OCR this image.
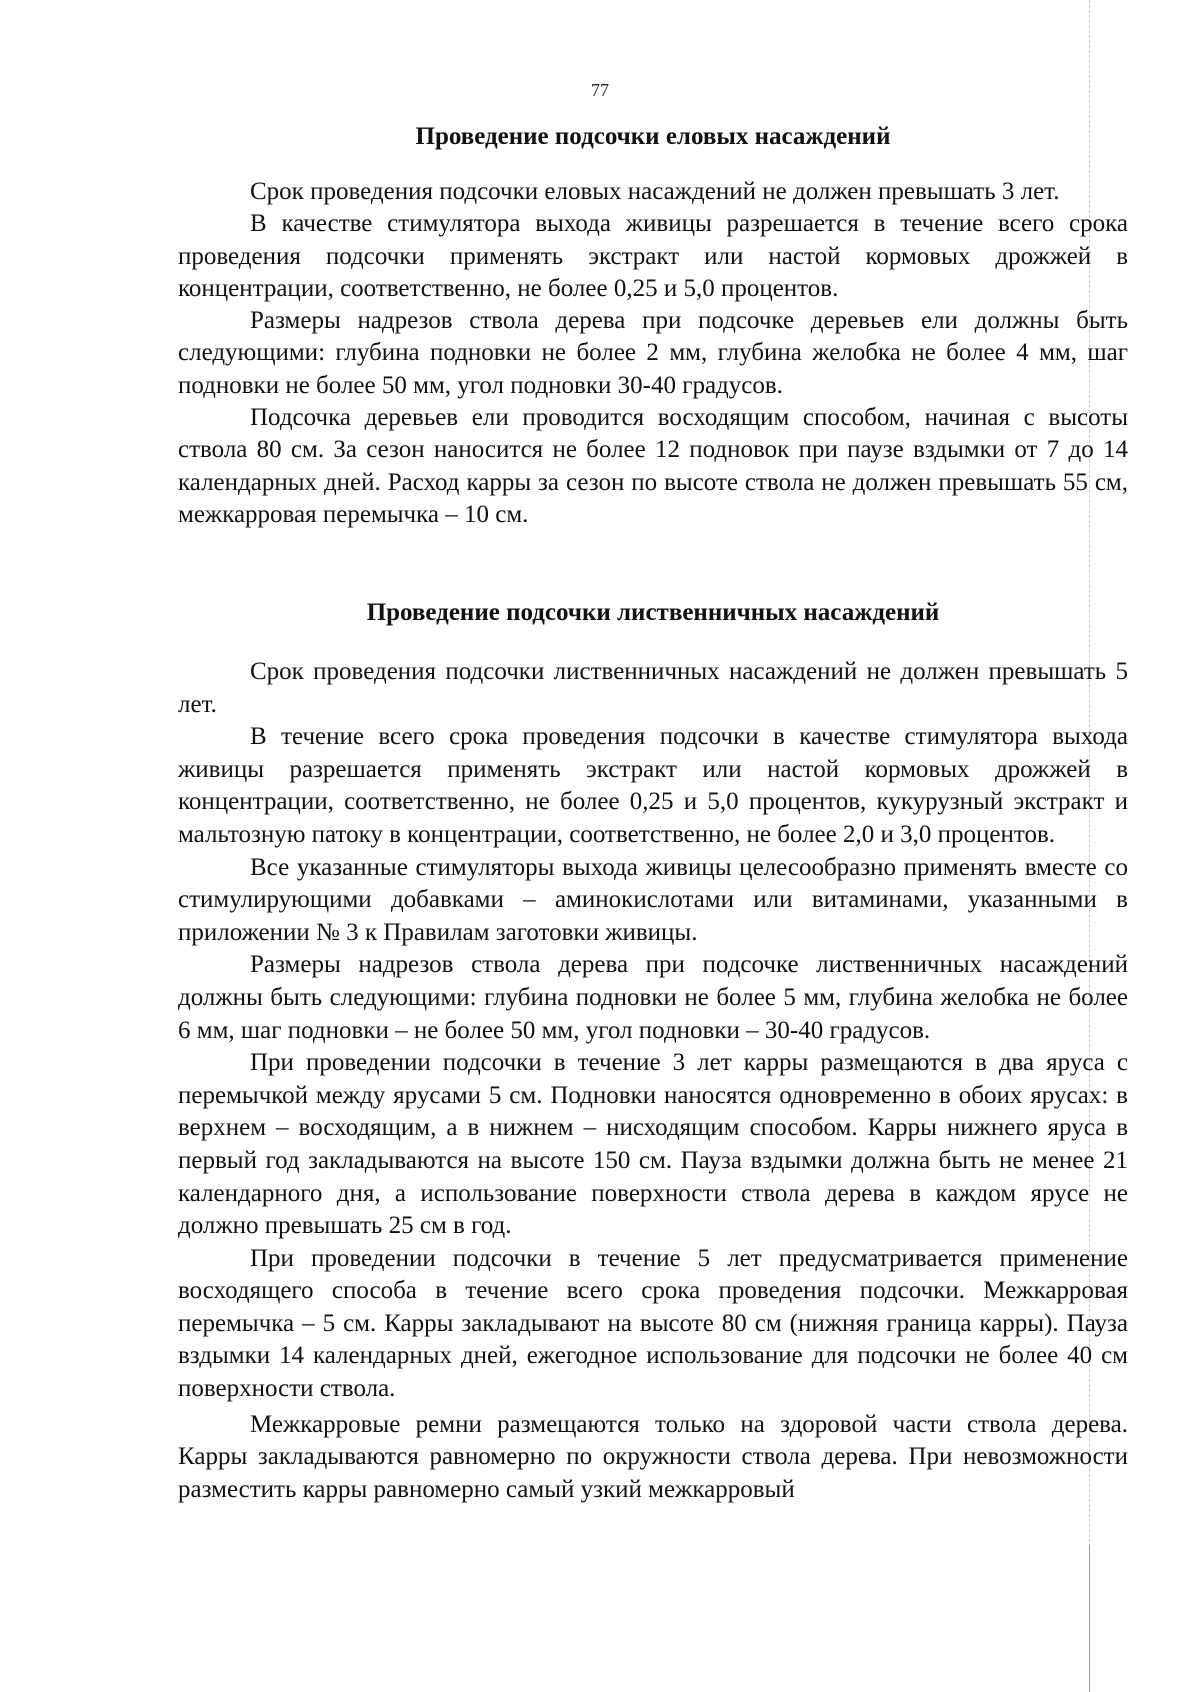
77
Проведение подсочки еловых насаждений

Срок проведения подсочки еловых насаждений не должен превышать 3 лет.

В качестве стимулятора выхода живицы разрешается в течение всего срока проведения подсочки применять экстракт или настой кормовых дрожжей в концентрации, соответственно, не более 0,25 и 5,0 процентов.

Размеры надрезов ствола дерева при подсочке деревьев ели должны быть следующими: глубина подновки не более 2 мм, глубина желобка не более 4 мм, шаг подновки не более 50 мм, угол подновки 30-40 градусов.

Подсочка деревьев ели проводится восходящим способом, начиная с высоты ствола 80 см. За сезон наносится не более 12 подновок при паузе вздымки от 7 до 14 календарных дней. Расход карры за сезон по высоте ствола не должен превышать 55 см, межкарровая перемычка – 10 см.

Проведение подсочки лиственничных насаждений

Срок проведения подсочки лиственничных насаждений не должен превышать 5 лет.

В течение всего срока проведения подсочки в качестве стимулятора выхода живицы разрешается применять экстракт или настой кормовых дрожжей в концентрации, соответственно, не более 0,25 и 5,0 процентов, кукурузный экстракт и мальтозную патоку в концентрации, соответственно, не более 2,0 и 3,0 процентов.

Все указанные стимуляторы выхода живицы целесообразно применять вместе со стимулирующими добавками – аминокислотами или витаминами, указанными в приложении № 3 к Правилам заготовки живицы.

Размеры надрезов ствола дерева при подсочке лиственничных насаждений должны быть следующими: глубина подновки не более 5 мм, глубина желобка не более 6 мм, шаг подновки – не более 50 мм, угол подновки – 30-40 градусов.

При проведении подсочки в течение 3 лет карры размещаются в два яруса с перемычкой между ярусами 5 см. Подновки наносятся одновременно в обоих ярусах: в верхнем – восходящим, а в нижнем – нисходящим способом. Карры нижнего яруса в первый год закладываются на высоте 150 см. Пауза вздымки должна быть не менее 21 календарного дня, а использование поверхности ствола дерева в каждом ярусе не должно превышать 25 см в год.

При проведении подсочки в течение 5 лет предусматривается применение восходящего способа в течение всего срока проведения подсочки. Межкарровая перемычка – 5 см. Карры закладывают на высоте 80 см (нижняя граница карры). Пауза вздымки 14 календарных дней, ежегодное использование для подсочки не более 40 см поверхности ствола.

Межкарровые ремни размещаются только на здоровой части ствола дерева. Карры закладываются равномерно по окружности ствола дерева. При невозможности разместить карры равномерно самый узкий межкарровый
